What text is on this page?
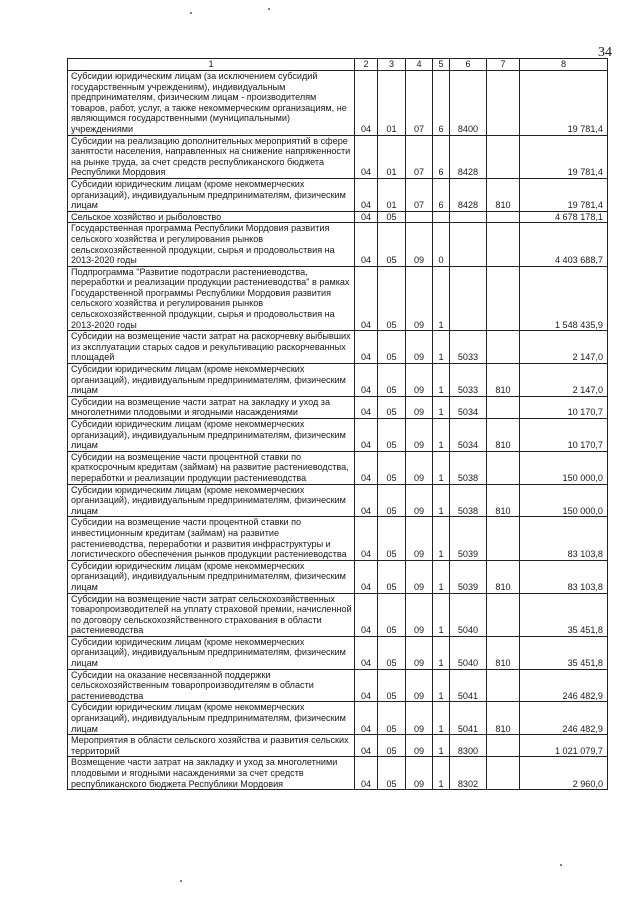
34
1	2	3	4	5	6	7	8
Субсидии юридическим лицам (за исключением субсидий государственным учреждениям), индивидуальным предпринимателям, физическим лицам - производителям товаров, работ, услуг, а также некоммерческим организациям, не являющимся государственными (муниципальными) учреждениями	04	01	07	6	8400		19 781,4
Субсидии на реализацию дополнительных мероприятий в сфере занятости населения, направленных на снижение напряженности на рынке труда, за счет средств республиканского бюджета Республики Мордовия	04	01	07	6	8428		19 781,4
Субсидии юридическим лицам (кроме некоммерческих организаций), индивидуальным предпринимателям, физическим лицам	04	01	07	6	8428	810	19 781,4
Сельское хозяйство и рыболовство	04	05					4 678 178,1
Государственная программа Республики Мордовия развития сельского хозяйства и регулирования рынков сельскохозяйственной продукции, сырья и продовольствия на 2013-2020 годы	04	05	09	0			4 403 688,7
Подпрограмма "Развитие подотрасли растениеводства, переработки и реализации продукции растениеводства" в рамках Государственной программы Республики Мордовия развития сельского хозяйства и регулирования рынков сельскохозяйственной продукции, сырья и продовольствия на 2013-2020 годы	04	05	09	1			1 548 435,9
Субсидии на возмещение части затрат на раскорчевку выбывших из эксплуатации старых садов и рекультивацию раскорчеванных площадей	04	05	09	1	5033		2 147,0
Субсидии юридическим лицам (кроме некоммерческих организаций), индивидуальным предпринимателям, физическим лицам	04	05	09	1	5033	810	2 147,0
Субсидии на возмещение части затрат на закладку и уход за многолетними плодовыми и ягодными насаждениями	04	05	09	1	5034		10 170,7
Субсидии юридическим лицам (кроме некоммерческих организаций), индивидуальным предпринимателям, физическим лицам	04	05	09	1	5034	810	10 170,7
Субсидии на возмещение части процентной ставки по краткосрочным кредитам (займам) на развитие растениеводства, переработки и реализации продукции растениеводства	04	05	09	1	5038		150 000,0
Субсидии юридическим лицам (кроме некоммерческих организаций), индивидуальным предпринимателям, физическим лицам	04	05	09	1	5038	810	150 000,0
Субсидии на возмещение части процентной ставки по инвестиционным кредитам (займам) на развитие растениеводства, переработки и развития инфраструктуры и логистического обеспечения рынков продукции растениеводства	04	05	09	1	5039		83 103,8
Субсидии юридическим лицам (кроме некоммерческих организаций), индивидуальным предпринимателям, физическим лицам	04	05	09	1	5039	810	83 103,8
Субсидии на возмещение части затрат сельскохозяйственных товаропроизводителей на уплату страховой премии, начисленной по договору сельскохозяйственного страхования в области растениеводства	04	05	09	1	5040		35 451,8
Субсидии юридическим лицам (кроме некоммерческих организаций), индивидуальным предпринимателям, физическим лицам	04	05	09	1	5040	810	35 451,8
Субсидии на оказание несвязанной поддержки сельскохозяйственным товаропроизводителям в области растениеводства	04	05	09	1	5041		246 482,9
Субсидии юридическим лицам (кроме некоммерческих организаций), индивидуальным предпринимателям, физическим лицам	04	05	09	1	5041	810	246 482,9
Мероприятия в области сельского хозяйства и развития сельских территорий	04	05	09	1	8300		1 021 079,7
Возмещение части затрат на закладку и уход за многолетними плодовыми и ягодными насаждениями за счет средств республиканского бюджета Республики Мордовия	04	05	09	1	8302		2 960,0
